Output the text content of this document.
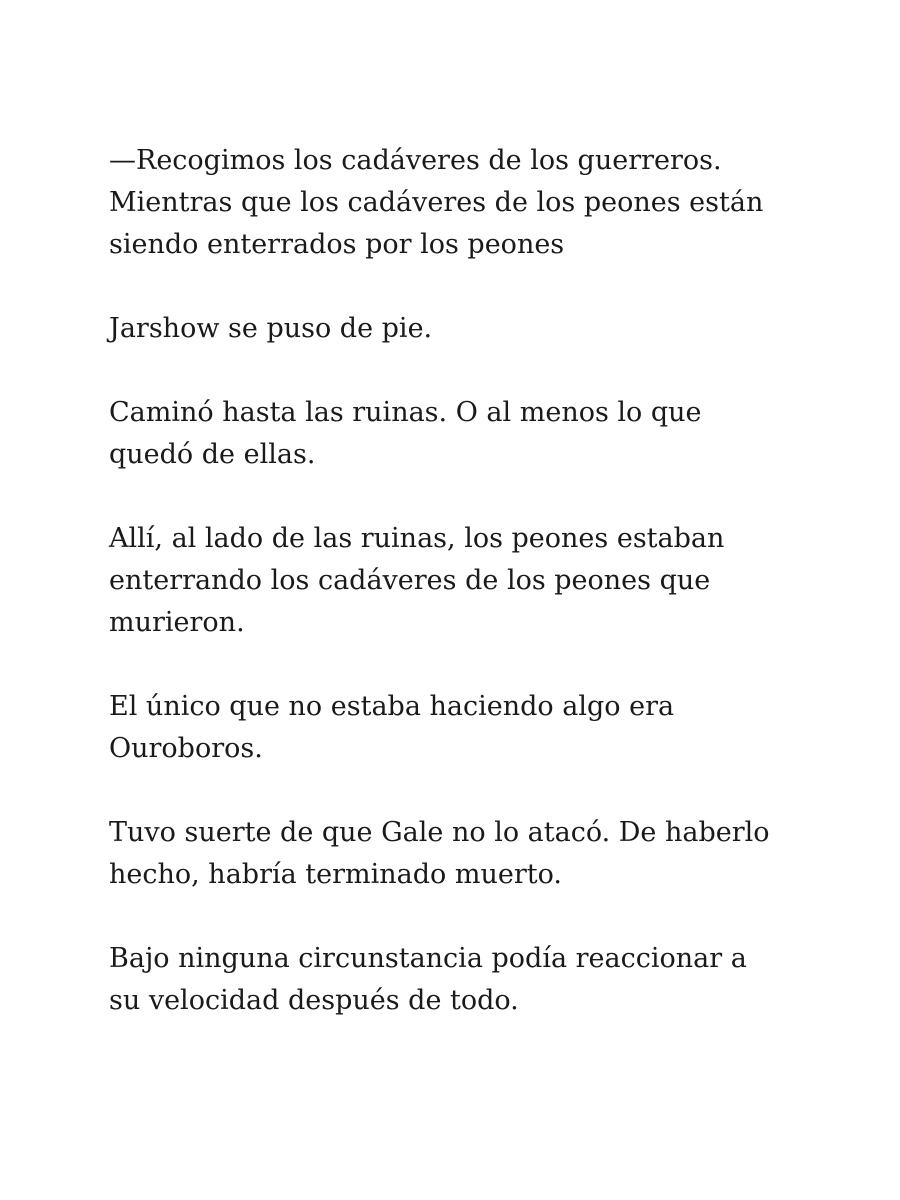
—Recogimos los cadáveres de los guerreros.
Mientras que los cadáveres de los peones están
siendo enterrados por los peones

Jarshow se puso de pie.

Caminó hasta las ruinas. O al menos lo que
quedó de ellas.

Allí, al lado de las ruinas, los peones estaban
enterrando los cadáveres de los peones que
murieron.

El único que no estaba haciendo algo era
Ouroboros.

Tuvo suerte de que Gale no lo atacó. De haberlo
hecho, habría terminado muerto.

Bajo ninguna circunstancia podía reaccionar a
su velocidad después de todo.
